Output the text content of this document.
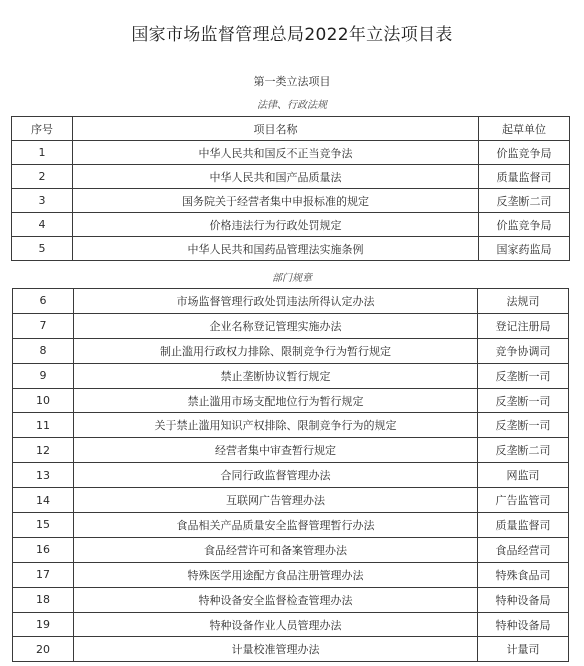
国家市场监督管理总局2022年立法项目表
第一类立法项目
法律、行政法规
序号	项目名称	起草单位
1	中华人民共和国反不正当竞争法	价监竞争局
2	中华人民共和国产品质量法	质量监督司
3	国务院关于经营者集中申报标准的规定	反垄断二司
4	价格违法行为行政处罚规定	价监竞争局
5	中华人民共和国药品管理法实施条例	国家药监局
部门规章
6	市场监督管理行政处罚违法所得认定办法	法规司
7	企业名称登记管理实施办法	登记注册局
8	制止滥用行政权力排除、限制竞争行为暂行规定	竞争协调司
9	禁止垄断协议暂行规定	反垄断一司
10	禁止滥用市场支配地位行为暂行规定	反垄断一司
11	关于禁止滥用知识产权排除、限制竞争行为的规定	反垄断一司
12	经营者集中审查暂行规定	反垄断二司
13	合同行政监督管理办法	网监司
14	互联网广告管理办法	广告监管司
15	食品相关产品质量安全监督管理暂行办法	质量监督司
16	食品经营许可和备案管理办法	食品经营司
17	特殊医学用途配方食品注册管理办法	特殊食品司
18	特种设备安全监督检查管理办法	特种设备局
19	特种设备作业人员管理办法	特种设备局
20	计量校准管理办法	计量司
